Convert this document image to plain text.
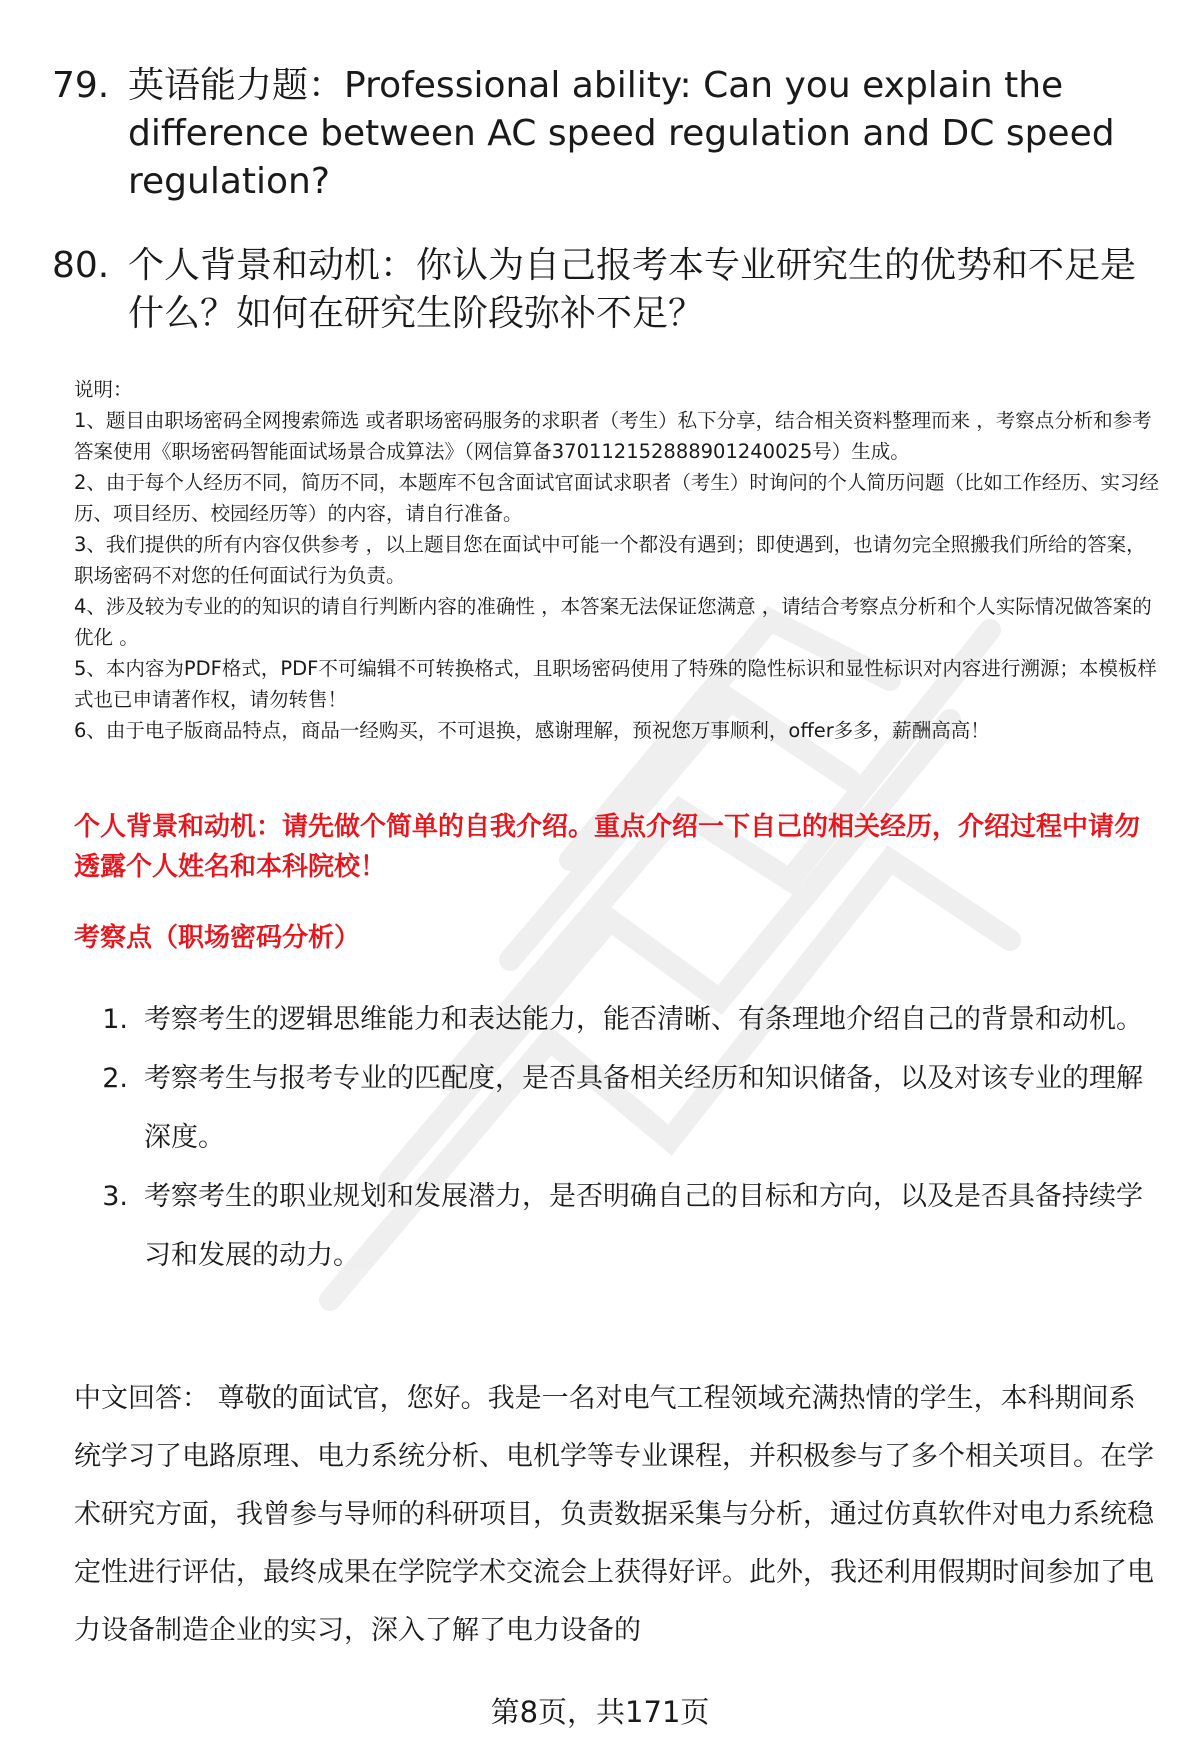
79. 英语能力题：Professional ability: Can you explain the difference between AC speed regulation and DC speed regulation?
80. 个人背景和动机：你认为自己报考本专业研究生的优势和不足是什么？如何在研究生阶段弥补不足？

说明：

1、题目由职场密码全网搜索筛选 或者职场密码服务的求职者（考生）私下分享，结合相关资料整理而来 ，考察点分析和参考答案使用《职场密码智能面试场景合成算法》（网信算备370112152888901240025号）生成。

2、由于每个人经历不同，简历不同，本题库不包含面试官面试求职者（考生）时询问的个人简历问题（比如工作经历、实习经历、项目经历、校园经历等）的内容，请自行准备。

3、我们提供的所有内容仅供参考 ，以上题目您在面试中可能一个都没有遇到；即使遇到，也请勿完全照搬我们所给的答案，职场密码不对您的任何面试行为负责。

4、涉及较为专业的的知识的请自行判断内容的准确性 ，本答案无法保证您满意 ，请结合考察点分析和个人实际情况做答案的优化 。

5、本内容为PDF格式，PDF不可编辑不可转换格式，且职场密码使用了特殊的隐性标识和显性标识对内容进行溯源；本模板样式也已申请著作权，请勿转售！

6、由于电子版商品特点，商品一经购买，不可退换，感谢理解，预祝您万事顺利，offer多多，薪酬高高！

个人背景和动机：请先做个简单的自我介绍。重点介绍一下自己的相关经历，介绍过程中请勿透露个人姓名和本科院校！
考察点（职场密码分析）
1. 考察考生的逻辑思维能力和表达能力，能否清晰、有条理地介绍自己的背景和动机。
2. 考察考生与报考专业的匹配度，是否具备相关经历和知识储备，以及对该专业的理解深度。
3. 考察考生的职业规划和发展潜力，是否明确自己的目标和方向，以及是否具备持续学习和发展的动力。

中文回答： 尊敬的面试官，您好。我是一名对电气工程领域充满热情的学生，本科期间系统学习了电路原理、电力系统分析、电机学等专业课程，并积极参与了多个相关项目。在学术研究方面，我曾参与导师的科研项目，负责数据采集与分析，通过仿真软件对电力系统稳定性进行评估，最终成果在学院学术交流会上获得好评。此外，我还利用假期时间参加了电力设备制造企业的实习，深入了解了电力设备的

第8页，共171页
